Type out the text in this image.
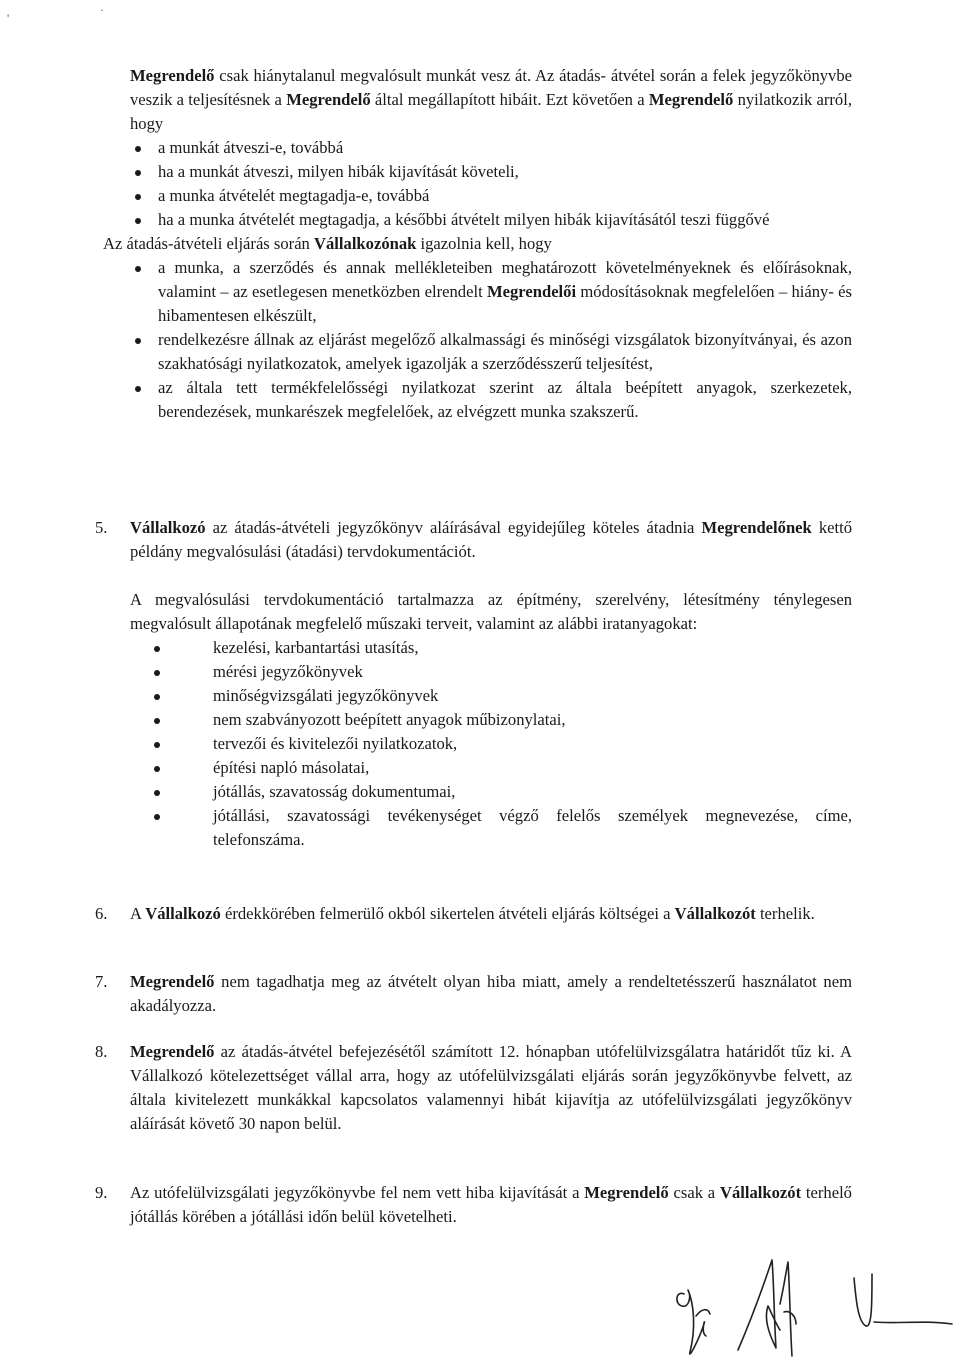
'
·

Megrendelő csak hiánytalanul megvalósult munkát vesz át. Az átadás- átvétel során a felek jegyzőkönyvbe veszik a teljesítésnek a Megrendelő által megállapított hibáit. Ezt követően a Megrendelő nyilatkozik arról, hogy

a munkát átveszi-e, továbbá
ha a munkát átveszi, milyen hibák kijavítását követeli,
a munka átvételét megtagadja-e, továbbá
ha a munka átvételét megtagadja, a későbbi átvételt milyen hibák kijavításától teszi függővé

Az átadás-átvételi eljárás során Vállalkozónak igazolnia kell, hogy

a munka, a szerződés és annak mellékleteiben meghatározott követelményeknek és előírásoknak, valamint – az esetlegesen menetközben elrendelt Megrendelői módosításoknak megfelelően – hiány- és hibamentesen elkészült,
rendelkezésre állnak az eljárást megelőző alkalmassági és minőségi vizsgálatok bizonyítványai, és azon szakhatósági nyilatkozatok, amelyek igazolják a szerződésszerű teljesítést,
az általa tett termékfelelősségi nyilatkozat szerint az általa beépített anyagok, szerkezetek, berendezések, munkarészek megfelelőek, az elvégzett munka szakszerű.
5. Vállalkozó az átadás-átvételi jegyzőkönyv aláírásával egyidejűleg köteles átadnia Megrendelőnek kettő példány megvalósulási (átadási) tervdokumentációt.

A megvalósulási tervdokumentáció tartalmazza az építmény, szerelvény, létesítmény ténylegesen megvalósult állapotának megfelelő műszaki terveit, valamint az alábbi iratanyagokat:

kezelési, karbantartási utasítás,
mérési jegyzőkönyvek
minőségvizsgálati jegyzőkönyvek
nem szabványozott beépített anyagok műbizonylatai,
tervezői és kivitelezői nyilatkozatok,
építési napló másolatai,
jótállás, szavatosság dokumentumai,
jótállási, szavatossági tevékenységet végző felelős személyek megnevezése, címe, telefonszáma.
6. A Vállalkozó érdekkörében felmerülő okból sikertelen átvételi eljárás költségei a Vállalkozót terhelik.

7. Megrendelő nem tagadhatja meg az átvételt olyan hiba miatt, amely a rendeltetésszerű használatot nem akadályozza.

8. Megrendelő az átadás-átvétel befejezésétől számított 12. hónapban utófelülvizsgálatra határidőt tűz ki. A Vállalkozó kötelezettséget vállal arra, hogy az utófelülvizsgálati eljárás során jegyzőkönyvbe felvett, az általa kivitelezett munkákkal kapcsolatos valamennyi hibát kijavítja az utófelülvizsgálati jegyzőkönyv aláírását követő 30 napon belül.

9. Az utófelülvizsgálati jegyzőkönyvbe fel nem vett hiba kijavítását a Megrendelő csak a Vállalkozót terhelő jótállás körében a jótállási időn belül követelheti.
